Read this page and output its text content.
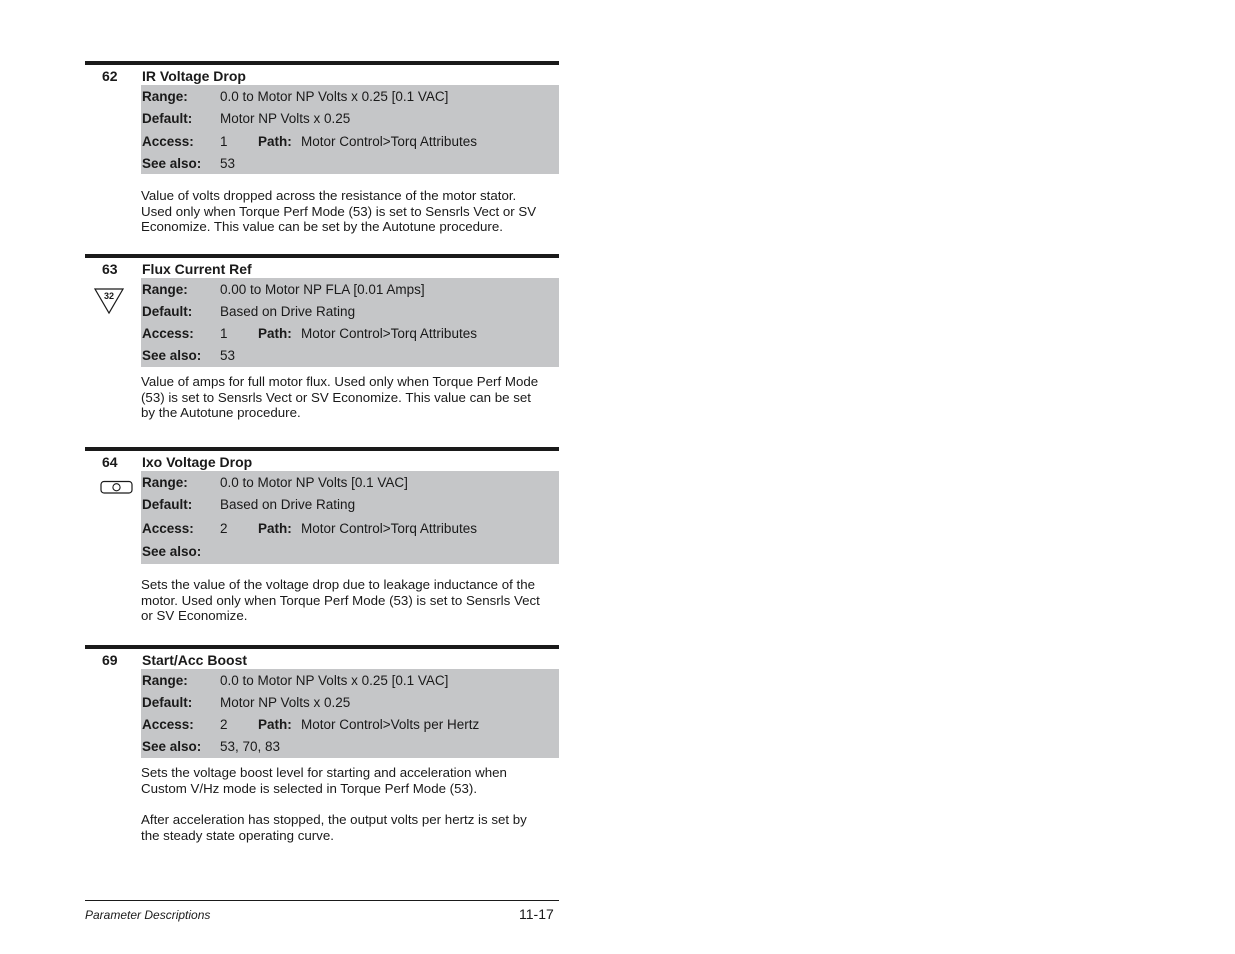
62 IR Voltage Drop
Range: 0.0 to Motor NP Volts x 0.25 [0.1 VAC]
Default: Motor NP Volts x 0.25
Access: 1 Path: Motor Control>Torq Attributes
See also: 53
Value of volts dropped across the resistance of the motor stator.
Used only when Torque Perf Mode (53) is set to Sensrls Vect or SV
Economize. This value can be set by the Autotune procedure.
63 Flux Current Ref
32 Range: 0.00 to Motor NP FLA [0.01 Amps]
Default: Based on Drive Rating
Access: 1 Path: Motor Control>Torq Attributes
See also: 53
Value of amps for full motor flux. Used only when Torque Perf Mode
(53) is set to Sensrls Vect or SV Economize. This value can be set
by the Autotune procedure.
64 Ixo Voltage Drop
Range: 0.0 to Motor NP Volts [0.1 VAC]
Default: Based on Drive Rating
Access: 2 Path: Motor Control>Torq Attributes
See also:
Sets the value of the voltage drop due to leakage inductance of the
motor. Used only when Torque Perf Mode (53) is set to Sensrls Vect
or SV Economize.
69 Start/Acc Boost
Range: 0.0 to Motor NP Volts x 0.25 [0.1 VAC]
Default: Motor NP Volts x 0.25
Access: 2 Path: Motor Control>Volts per Hertz
See also: 53, 70, 83
Sets the voltage boost level for starting and acceleration when
Custom V/Hz mode is selected in Torque Perf Mode (53).
After acceleration has stopped, the output volts per hertz is set by
the steady state operating curve.
Parameter Descriptions	11-17
